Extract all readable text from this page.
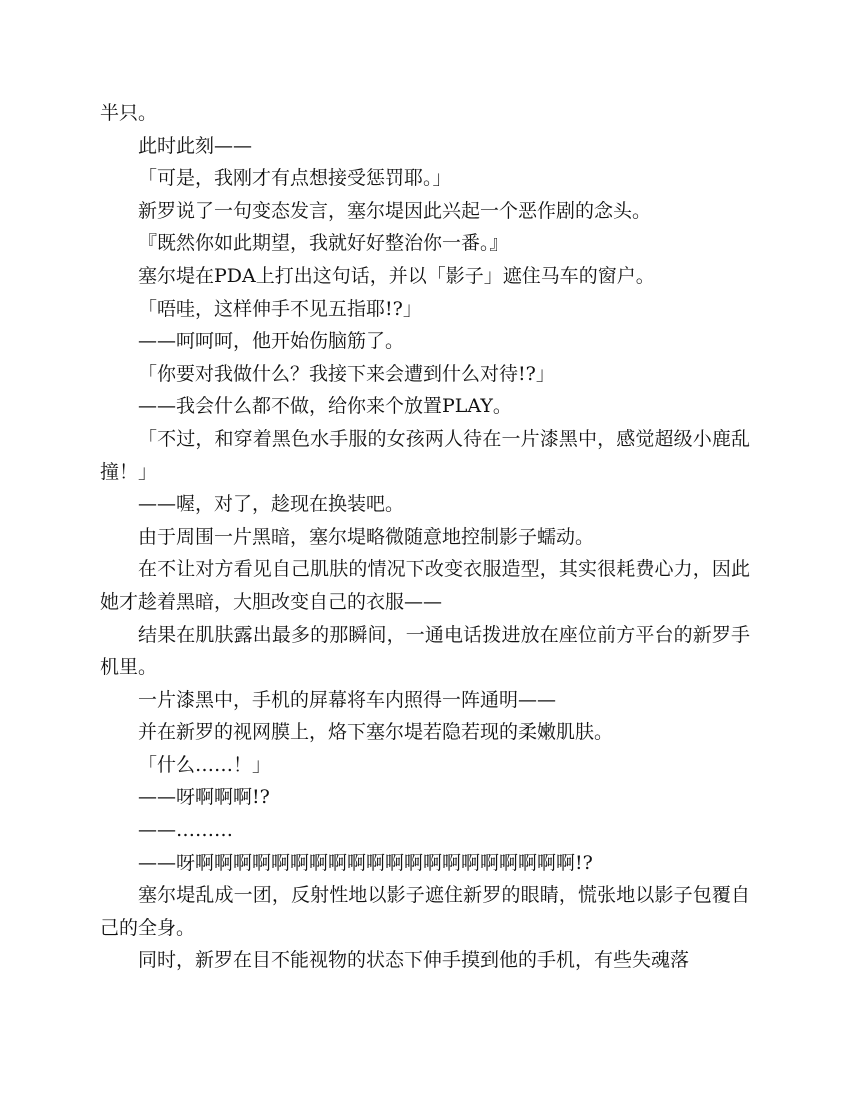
半只。

此时此刻——

「可是，我刚才有点想接受惩罚耶。」

新罗说了一句变态发言，塞尔堤因此兴起一个恶作剧的念头。

『既然你如此期望，我就好好整治你一番。』

塞尔堤在PDA上打出这句话，并以「影子」遮住马车的窗户。

「唔哇，这样伸手不见五指耶!?」

——呵呵呵，他开始伤脑筋了。

「你要对我做什么？我接下来会遭到什么对待!?」

——我会什么都不做，给你来个放置PLAY。

「不过，和穿着黑色水手服的女孩两人待在一片漆黑中，感觉超级小鹿乱撞！」

——喔，对了，趁现在换装吧。

由于周围一片黑暗，塞尔堤略微随意地控制影子蠕动。

在不让对方看见自己肌肤的情况下改变衣服造型，其实很耗费心力，因此她才趁着黑暗，大胆改变自己的衣服——

结果在肌肤露出最多的那瞬间，一通电话拨进放在座位前方平台的新罗手机里。

一片漆黑中，手机的屏幕将车内照得一阵通明——

并在新罗的视网膜上，烙下塞尔堤若隐若现的柔嫩肌肤。

「什么……！」

——呀啊啊啊!?

——………

——呀啊啊啊啊啊啊啊啊啊啊啊啊啊啊啊啊啊啊啊啊!?

塞尔堤乱成一团，反射性地以影子遮住新罗的眼睛，慌张地以影子包覆自己的全身。

同时，新罗在目不能视物的状态下伸手摸到他的手机，有些失魂落
